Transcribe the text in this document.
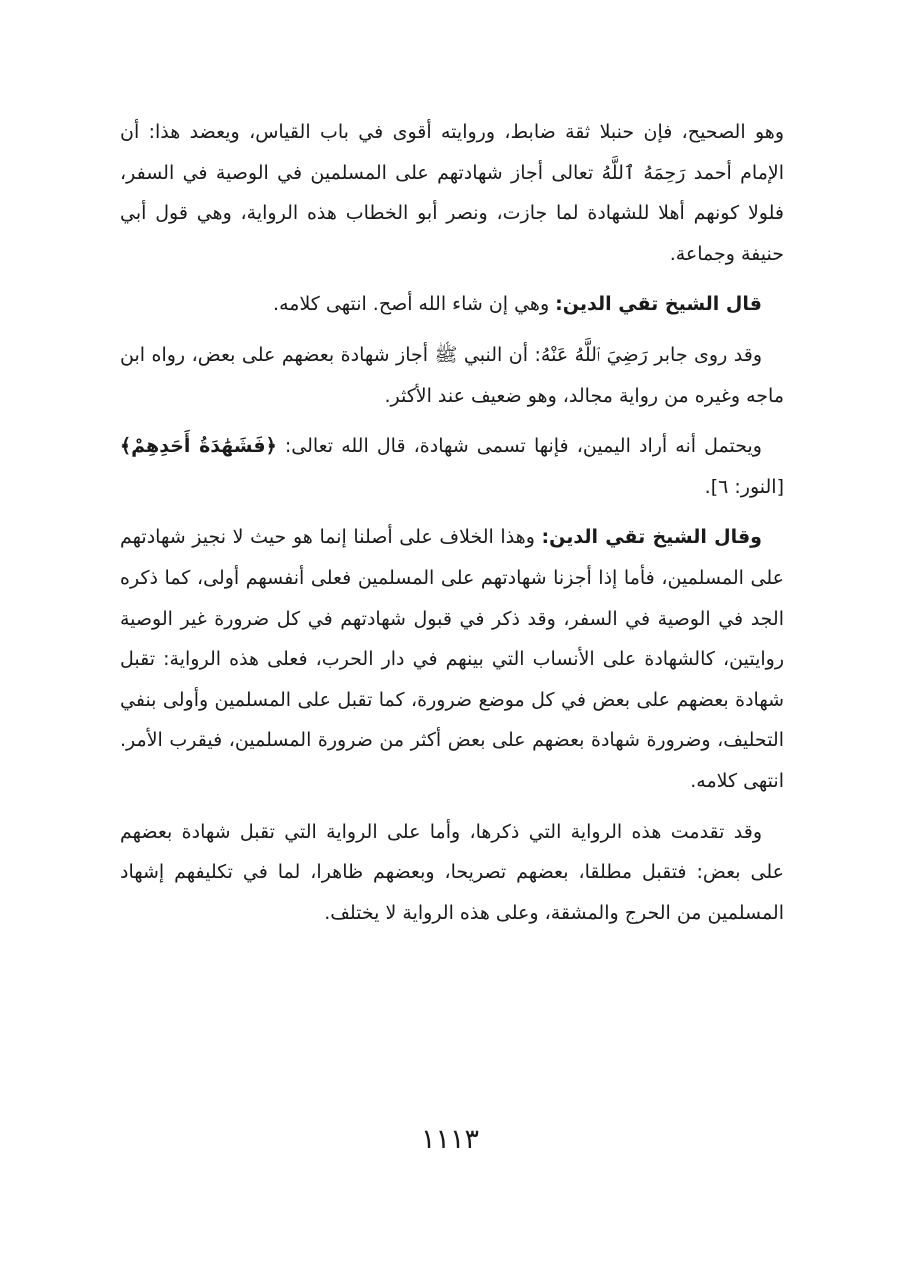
وهو الصحيح، فإن حنبلا ثقة ضابط، وروايته أقوى في باب القياس، ويعضد هذا: أن الإمام أحمد رَحِمَهُ ٱللَّهُ تعالى أجاز شهادتهم على المسلمين في الوصية في السفر، فلولا كونهم أهلا للشهادة لما جازت، ونصر أبو الخطاب هذه الرواية، وهي قول أبي حنيفة وجماعة.

قال الشيخ تقي الدين: وهي إن شاء الله أصح. انتهى كلامه.

وقد روى جابر رَضِيَ ٱللَّهُ عَنْهُ: أن النبي ﷺ أجاز شهادة بعضهم على بعض، رواه ابن ماجه وغيره من رواية مجالد، وهو ضعيف عند الأكثر.

ويحتمل أنه أراد اليمين، فإنها تسمى شهادة، قال الله تعالى: ﴿فَشَهَٰدَةُ أَحَدِهِمْ﴾ [النور: ٦].

وقال الشيخ تقي الدين: وهذا الخلاف على أصلنا إنما هو حيث لا نجيز شهادتهم على المسلمين، فأما إذا أجزنا شهادتهم على المسلمين فعلى أنفسهم أولى، كما ذكره الجد في الوصية في السفر، وقد ذكر في قبول شهادتهم في كل ضرورة غير الوصية روايتين، كالشهادة على الأنساب التي بينهم في دار الحرب، فعلى هذه الرواية: تقبل شهادة بعضهم على بعض في كل موضع ضرورة، كما تقبل على المسلمين وأولى بنفي التحليف، وضرورة شهادة بعضهم على بعض أكثر من ضرورة المسلمين، فيقرب الأمر. انتهى كلامه.

وقد تقدمت هذه الرواية التي ذكرها، وأما على الرواية التي تقبل شهادة بعضهم على بعض: فتقبل مطلقا، بعضهم تصريحا، وبعضهم ظاهرا، لما في تكليفهم إشهاد المسلمين من الحرج والمشقة، وعلى هذه الرواية لا يختلف.

١١١٣
